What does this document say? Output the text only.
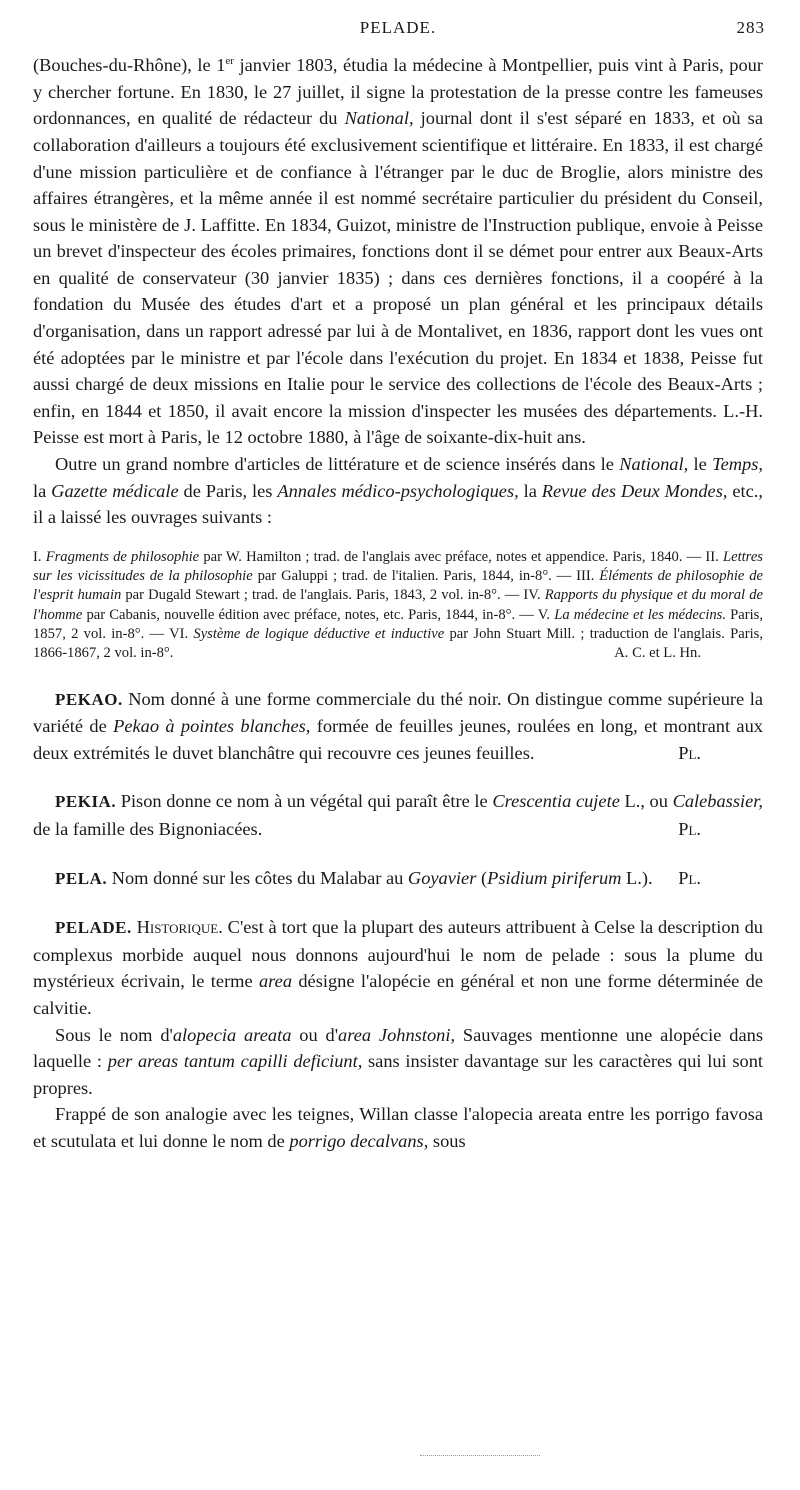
PELADE.	283

(Bouches-du-Rhône), le 1er janvier 1803, étudia la médecine à Montpellier, puis vint à Paris, pour y chercher fortune. En 1830, le 27 juillet, il signe la protestation de la presse contre les fameuses ordonnances, en qualité de rédacteur du National, journal dont il s'est séparé en 1833, et où sa collaboration d'ailleurs a toujours été exclusivement scientifique et littéraire. En 1833, il est chargé d'une mission particulière et de confiance à l'étranger par le duc de Broglie, alors ministre des affaires étrangères, et la même année il est nommé secrétaire particulier du président du Conseil, sous le ministère de J. Laffitte. En 1834, Guizot, ministre de l'Instruction publique, envoie à Peisse un brevet d'inspecteur des écoles primaires, fonctions dont il se démet pour entrer aux Beaux-Arts en qualité de conservateur (30 janvier 1835) ; dans ces dernières fonctions, il a coopéré à la fondation du Musée des études d'art et a proposé un plan général et les principaux détails d'organisation, dans un rapport adressé par lui à de Montalivet, en 1836, rapport dont les vues ont été adoptées par le ministre et par l'école dans l'exécution du projet. En 1834 et 1838, Peisse fut aussi chargé de deux missions en Italie pour le service des collections de l'école des Beaux-Arts ; enfin, en 1844 et 1850, il avait encore la mission d'inspecter les musées des départements. L.-H. Peisse est mort à Paris, le 12 octobre 1880, à l'âge de soixante-dix-huit ans.

Outre un grand nombre d'articles de littérature et de science insérés dans le National, le Temps, la Gazette médicale de Paris, les Annales médico-psychologiques, la Revue des Deux Mondes, etc., il a laissé les ouvrages suivants :

I. Fragments de philosophie par W. Hamilton ; trad. de l'anglais avec préface, notes et appendice. Paris, 1840. — II. Lettres sur les vicissitudes de la philosophie par Galuppi ; trad. de l'italien. Paris, 1844, in-8°. — III. Éléments de philosophie de l'esprit humain par Dugald Stewart ; trad. de l'anglais. Paris, 1843, 2 vol. in-8°. — IV. Rapports du physique et du moral de l'homme par Cabanis, nouvelle édition avec préface, notes, etc. Paris, 1844, in-8°. — V. La médecine et les médecins. Paris, 1857, 2 vol. in-8°. — VI. Système de logique déductive et inductive par John Stuart Mill. ; traduction de l'anglais. Paris, 1866-1867, 2 vol. in-8°.	A. C. et L. Hn.

PEKAO. Nom donné à une forme commerciale du thé noir. On distingue comme supérieure la variété de Pekao à pointes blanches, formée de feuilles jeunes, roulées en long, et montrant aux deux extrémités le duvet blanchâtre qui recouvre ces jeunes feuilles.	Pl.

PEKIA. Pison donne ce nom à un végétal qui paraît être le Crescentia cujete L., ou Calebassier, de la famille des Bignoniacées.	Pl.

PELA. Nom donné sur les côtes du Malabar au Goyavier (Psidium piriferum L.).	Pl.

PELADE. Historique. C'est à tort que la plupart des auteurs attribuent à Celse la description du complexus morbide auquel nous donnons aujourd'hui le nom de pelade : sous la plume du mystérieux écrivain, le terme area désigne l'alopécie en général et non une forme déterminée de calvitie.

Sous le nom d'alopecia areata ou d'area Johnstoni, Sauvages mentionne une alopécie dans laquelle : per areas tantum capilli deficiunt, sans insister davantage sur les caractères qui lui sont propres.

Frappé de son analogie avec les teignes, Willan classe l'alopecia areata entre les porrigo favosa et scutulata et lui donne le nom de porrigo decalvans, sous
